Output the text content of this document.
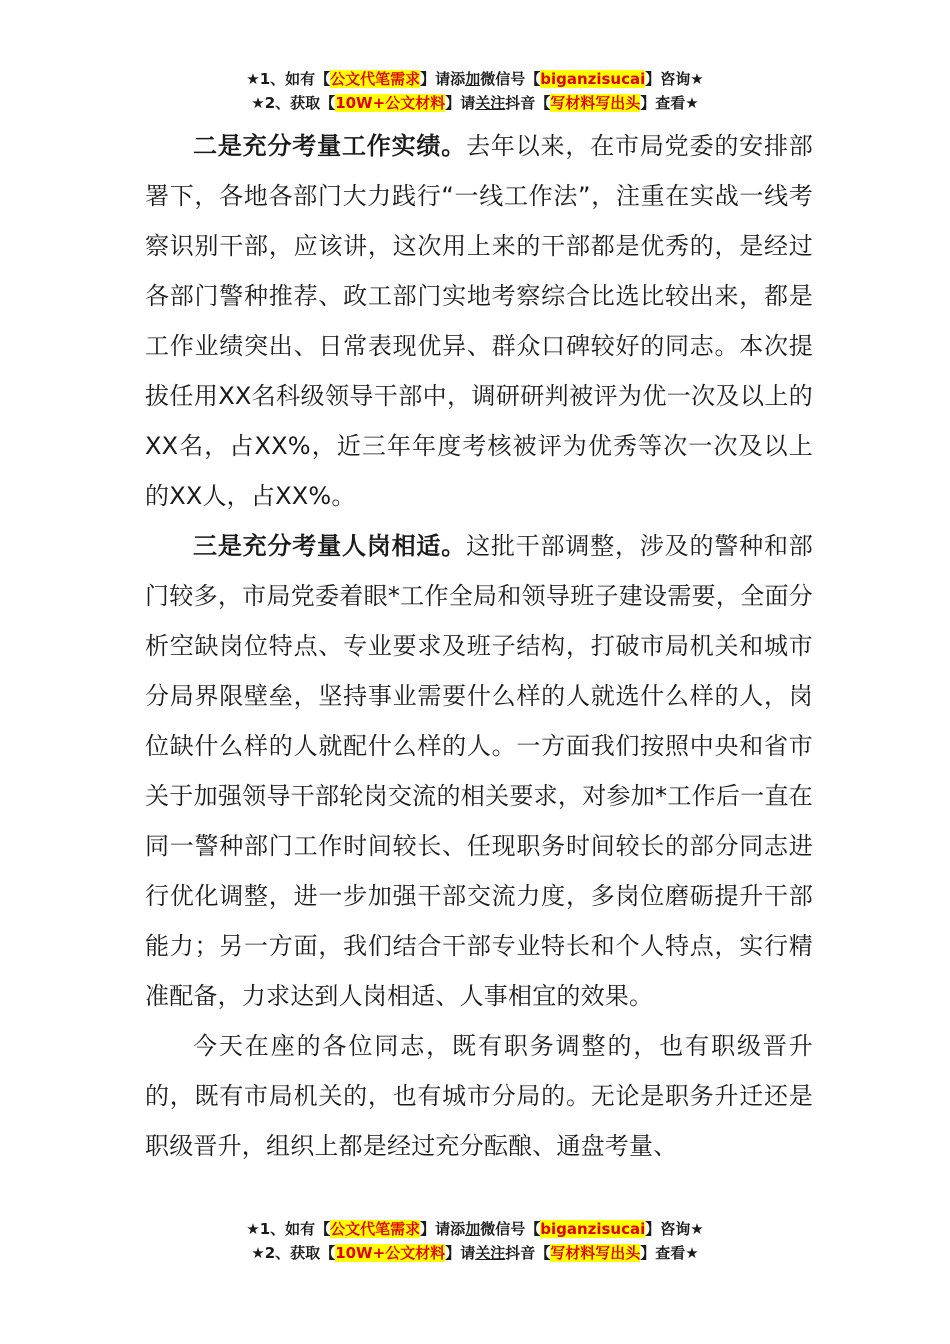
★1、如有【公文代笔需求】请添加微信号【biganzisucai】咨询★
★2、获取【10W+公文材料】请关注抖音【写材料写出头】查看★

二是充分考量工作实绩。去年以来，在市局党委的安排部署下，各地各部门大力践行“一线工作法”，注重在实战一线考察识别干部，应该讲，这次用上来的干部都是优秀的，是经过各部门警种推荐、政工部门实地考察综合比选比较出来，都是工作业绩突出、日常表现优异、群众口碑较好的同志。本次提拔任用XX名科级领导干部中，调研研判被评为优一次及以上的XX名，占XX%，近三年年度考核被评为优秀等次一次及以上的XX人，占XX%。

三是充分考量人岗相适。这批干部调整，涉及的警种和部门较多，市局党委着眼*工作全局和领导班子建设需要，全面分析空缺岗位特点、专业要求及班子结构，打破市局机关和城市分局界限壁垒，坚持事业需要什么样的人就选什么样的人，岗位缺什么样的人就配什么样的人。一方面我们按照中央和省市关于加强领导干部轮岗交流的相关要求，对参加*工作后一直在同一警种部门工作时间较长、任现职务时间较长的部分同志进行优化调整，进一步加强干部交流力度，多岗位磨砺提升干部能力；另一方面，我们结合干部专业特长和个人特点，实行精准配备，力求达到人岗相适、人事相宜的效果。

今天在座的各位同志，既有职务调整的，也有职级晋升的，既有市局机关的，也有城市分局的。无论是职务升迁还是职级晋升，组织上都是经过充分酝酿、通盘考量、

★1、如有【公文代笔需求】请添加微信号【biganzisucai】咨询★
★2、获取【10W+公文材料】请关注抖音【写材料写出头】查看★
